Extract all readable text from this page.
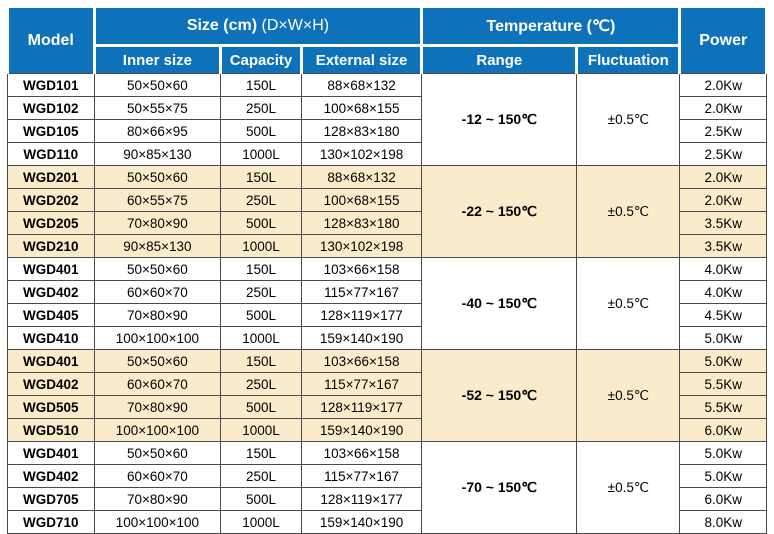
Model	Size (cm) (D×W×H)			Temperature (℃)		Power
	Inner size	Capacity	External size	Range	Fluctuation	
WGD101	50×50×60	150L	88×68×132	-12 ~ 150℃	±0.5℃	2.0Kw
WGD102	50×55×75	250L	100×68×155			2.0Kw
WGD105	80×66×95	500L	128×83×180			2.5Kw
WGD110	90×85×130	1000L	130×102×198			2.5Kw
WGD201	50×50×60	150L	88×68×132	-22 ~ 150℃	±0.5℃	2.0Kw
WGD202	60×55×75	250L	100×68×155			2.0Kw
WGD205	70×80×90	500L	128×83×180			3.5Kw
WGD210	90×85×130	1000L	130×102×198			3.5Kw
WGD401	50×50×60	150L	103×66×158	-40 ~ 150℃	±0.5℃	4.0Kw
WGD402	60×60×70	250L	115×77×167			4.0Kw
WGD405	70×80×90	500L	128×119×177			4.5Kw
WGD410	100×100×100	1000L	159×140×190			5.0Kw
WGD401	50×50×60	150L	103×66×158	-52 ~ 150℃	±0.5℃	5.0Kw
WGD402	60×60×70	250L	115×77×167			5.5Kw
WGD505	70×80×90	500L	128×119×177			5.5Kw
WGD510	100×100×100	1000L	159×140×190			6.0Kw
WGD401	50×50×60	150L	103×66×158	-70 ~ 150℃	±0.5℃	5.0Kw
WGD402	60×60×70	250L	115×77×167			5.0Kw
WGD705	70×80×90	500L	128×119×177			6.0Kw
WGD710	100×100×100	1000L	159×140×190			8.0Kw
